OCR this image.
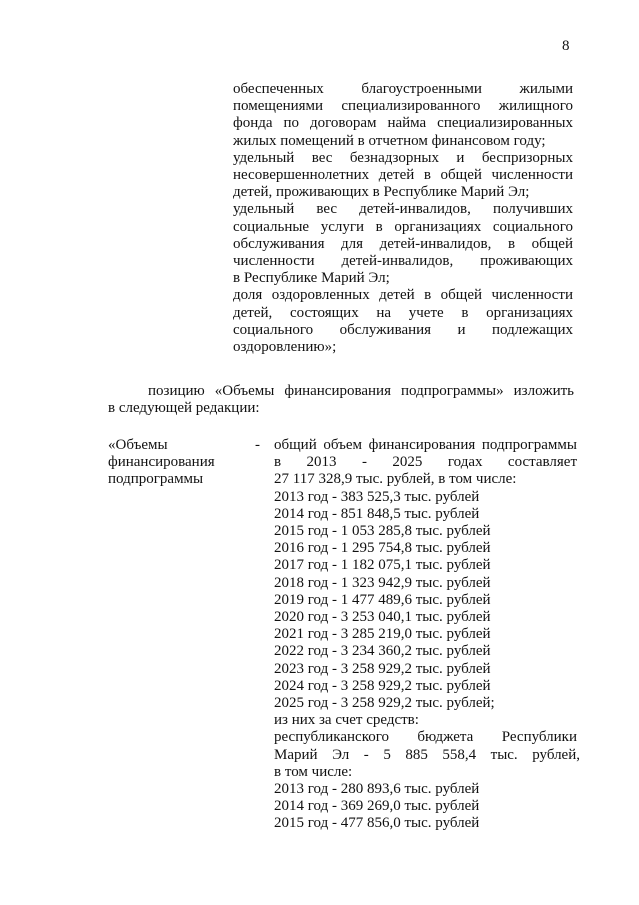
8
обеспеченных благоустроенными жилыми
помещениями специализированного жилищного
фонда по договорам найма специализированных
жилых помещений в отчетном финансовом году;
удельный вес безнадзорных и беспризорных
несовершеннолетних детей в общей численности
детей, проживающих в Республике Марий Эл;
удельный вес детей-инвалидов, получивших
социальные услуги в организациях социального
обслуживания для детей-инвалидов, в общей
численности детей-инвалидов, проживающих
в Республике Марий Эл;
доля оздоровленных детей в общей численности
детей, состоящих на учете в организациях
социального обслуживания и подлежащих
оздоровлению»;
позицию «Объемы финансирования подпрограммы» изложить
в следующей редакции:
«Объемы
финансирования
подпрограммы
- общий объем финансирования подпрограммы
в 2013 - 2025 годах составляет
27 117 328,9 тыс. рублей, в том числе:
2013 год - 383 525,3 тыс. рублей
2014 год - 851 848,5 тыс. рублей
2015 год - 1 053 285,8 тыс. рублей
2016 год - 1 295 754,8 тыс. рублей
2017 год - 1 182 075,1 тыс. рублей
2018 год - 1 323 942,9 тыс. рублей
2019 год - 1 477 489,6 тыс. рублей
2020 год - 3 253 040,1 тыс. рублей
2021 год - 3 285 219,0 тыс. рублей
2022 год - 3 234 360,2 тыс. рублей
2023 год - 3 258 929,2 тыс. рублей
2024 год - 3 258 929,2 тыс. рублей
2025 год - 3 258 929,2 тыс. рублей;
из них за счет средств:
республиканского бюджета Республики
Марий Эл - 5 885 558,4 тыс. рублей,
в том числе:
2013 год - 280 893,6 тыс. рублей
2014 год - 369 269,0 тыс. рублей
2015 год - 477 856,0 тыс. рублей
